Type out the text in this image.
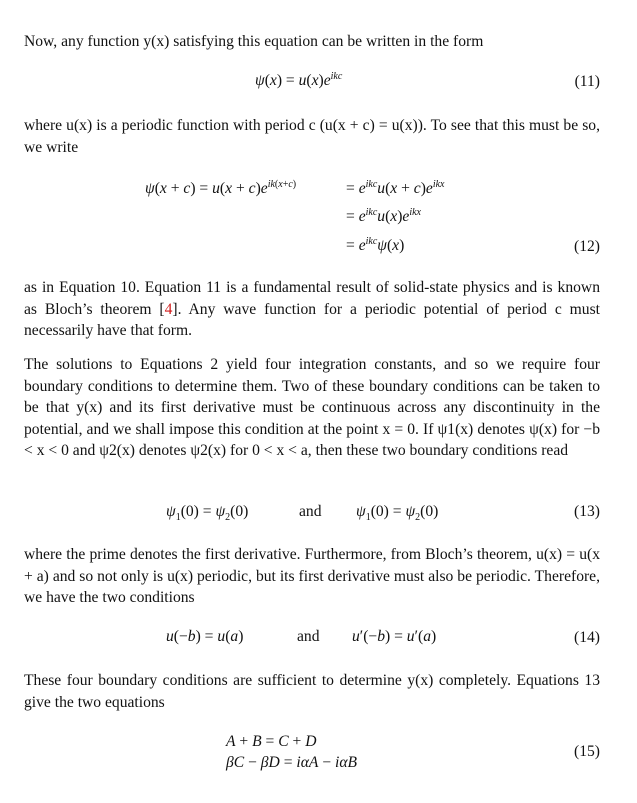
Now, any function y(x) satisfying this equation can be written in the form

$\psi(x) = u(x)e^{ikc}$	(11)

where u(x) is a periodic function with period c (u(x + c) = u(x)). To see that this must be so, we write

$\psi(x + c) = u(x + c)e^{ik(x+c)}$	= $e^{ikc}u(x + c)e^{ikx}$
= $e^{ikc}u(x)e^{ikx}$
= $e^{ikc}\psi(x)$	(12)

as in Equation 10. Equation 11 is a fundamental result of solid-state physics and is known as Bloch’s theorem [4]. Any wave function for a periodic potential of period c must necessarily have that form.

The solutions to Equations 2 yield four integration constants, and so we require four boundary conditions to determine them. Two of these boundary conditions can be taken to be that y(x) and its first derivative must be continuous across any discontinuity in the potential, and we shall impose this condition at the point x = 0. If ψ1(x) denotes ψ(x) for −b < x < 0 and ψ2(x) denotes ψ2(x) for 0 < x < a, then these two boundary conditions read

$\psi_1(0) = \psi_2(0)$	and $\psi_1(0) = \psi_2(0)$	(13)

where the prime denotes the first derivative. Furthermore, from Bloch’s theorem, u(x) = u(x + a) and so not only is u(x) periodic, but its first derivative must also be periodic. Therefore, we have the two conditions

u(−b) = u(a)	and u′(−b) = u′(a)	(14)

These four boundary conditions are sufficient to determine y(x) completely. Equations 13 give the two equations

A + B = C + D
βC − βD = iαA − iαB
(15)
